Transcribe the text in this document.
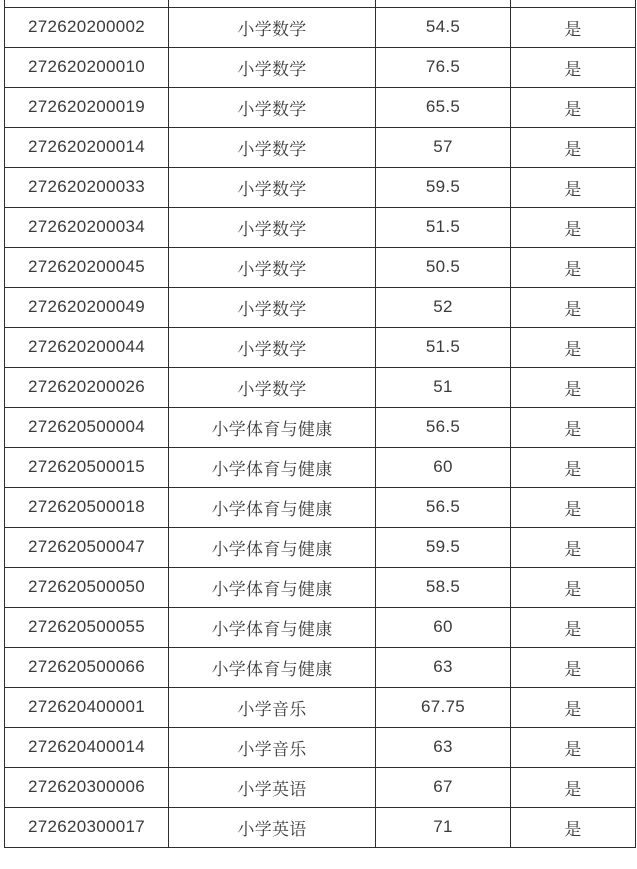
272620200002	小学数学	54.5	是
272620200010	小学数学	76.5	是
272620200019	小学数学	65.5	是
272620200014	小学数学	57	是
272620200033	小学数学	59.5	是
272620200034	小学数学	51.5	是
272620200045	小学数学	50.5	是
272620200049	小学数学	52	是
272620200044	小学数学	51.5	是
272620200026	小学数学	51	是
272620500004	小学体育与健康	56.5	是
272620500015	小学体育与健康	60	是
272620500018	小学体育与健康	56.5	是
272620500047	小学体育与健康	59.5	是
272620500050	小学体育与健康	58.5	是
272620500055	小学体育与健康	60	是
272620500066	小学体育与健康	63	是
272620400001	小学音乐	67.75	是
272620400014	小学音乐	63	是
272620300006	小学英语	67	是
272620300017	小学英语	71	是
